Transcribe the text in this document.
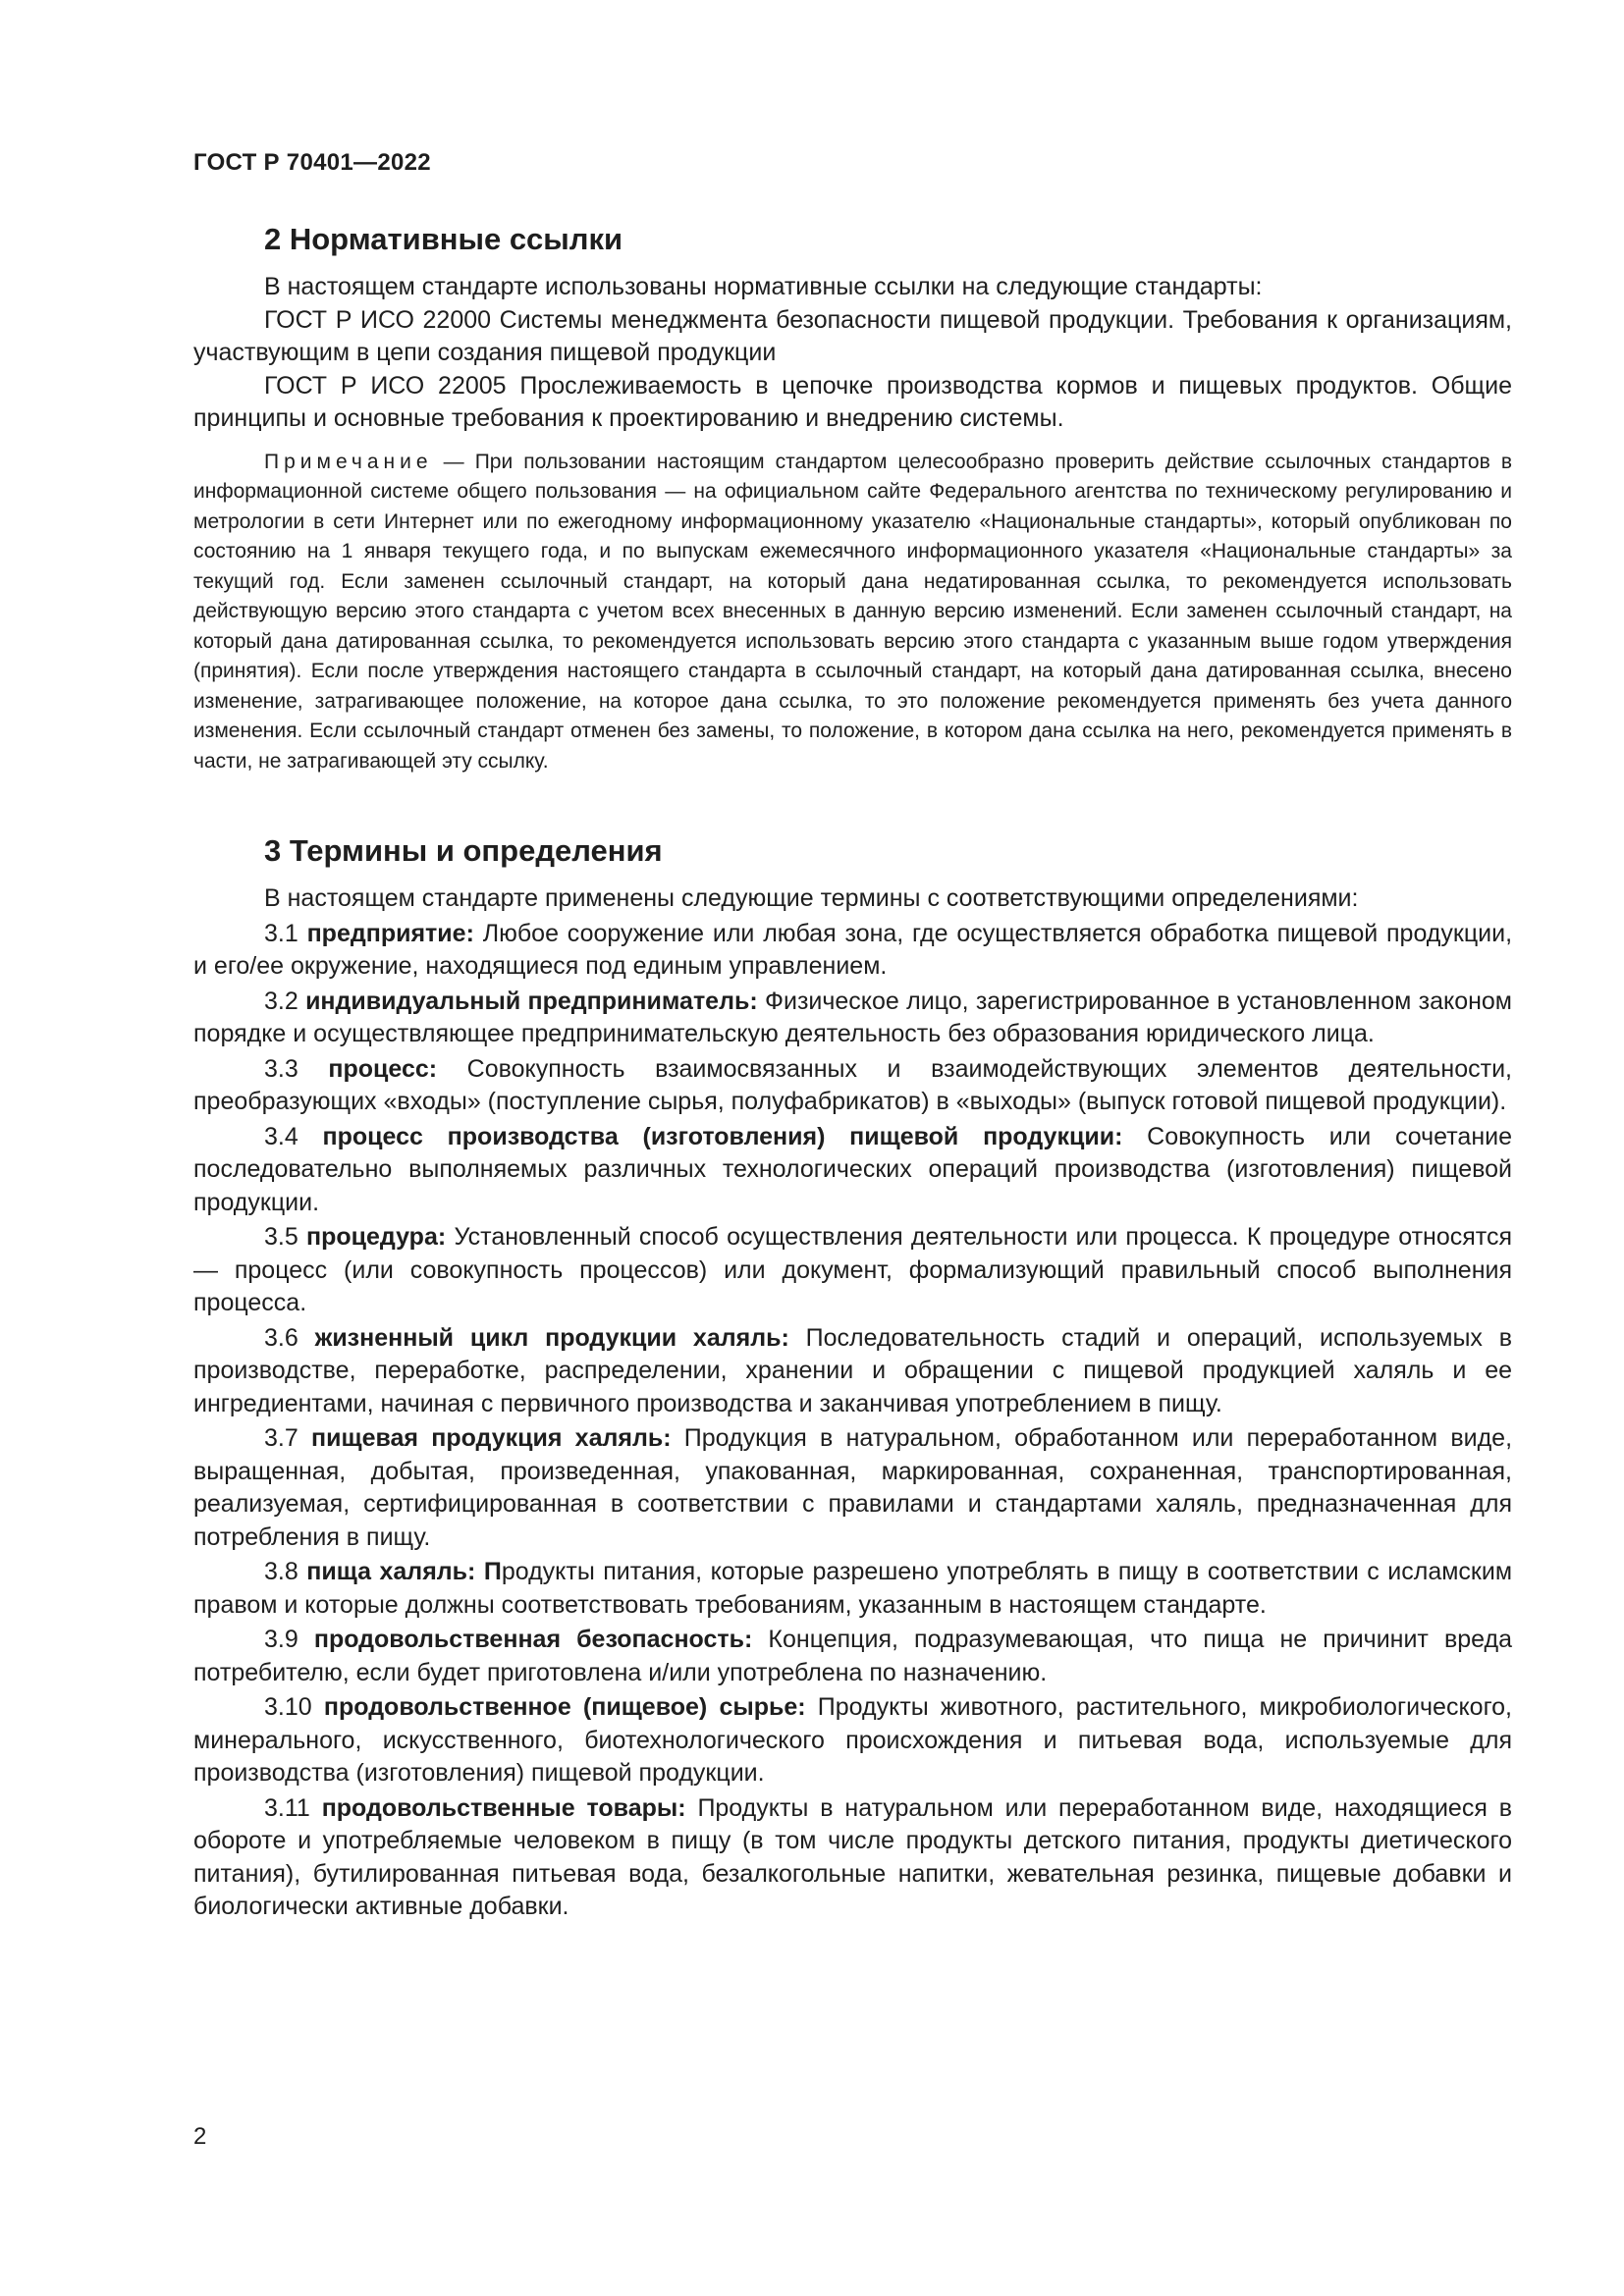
ГОСТ Р 70401—2022
2 Нормативные ссылки

В настоящем стандарте использованы нормативные ссылки на следующие стандарты:

ГОСТ Р ИСО 22000 Системы менеджмента безопасности пищевой продукции. Требования к организациям, участвующим в цепи создания пищевой продукции

ГОСТ Р ИСО 22005 Прослеживаемость в цепочке производства кормов и пищевых продуктов. Общие принципы и основные требования к проектированию и внедрению системы.

Примечание — При пользовании настоящим стандартом целесообразно проверить действие ссылочных стандартов в информационной системе общего пользования — на официальном сайте Федерального агентства по техническому регулированию и метрологии в сети Интернет или по ежегодному информационному указателю «Национальные стандарты», который опубликован по состоянию на 1 января текущего года, и по выпускам ежемесячного информационного указателя «Национальные стандарты» за текущий год. Если заменен ссылочный стандарт, на который дана недатированная ссылка, то рекомендуется использовать действующую версию этого стандарта с учетом всех внесенных в данную версию изменений. Если заменен ссылочный стандарт, на который дана датированная ссылка, то рекомендуется использовать версию этого стандарта с указанным выше годом утверждения (принятия). Если после утверждения настоящего стандарта в ссылочный стандарт, на который дана датированная ссылка, внесено изменение, затрагивающее положение, на которое дана ссылка, то это положение рекомендуется применять без учета данного изменения. Если ссылочный стандарт отменен без замены, то положение, в котором дана ссылка на него, рекомендуется применять в части, не затрагивающей эту ссылку.

3 Термины и определения

В настоящем стандарте применены следующие термины с соответствующими определениями:

3.1 предприятие: Любое сооружение или любая зона, где осуществляется обработка пищевой продукции, и его/ее окружение, находящиеся под единым управлением.

3.2 индивидуальный предприниматель: Физическое лицо, зарегистрированное в установленном законом порядке и осуществляющее предпринимательскую деятельность без образования юридического лица.

3.3 процесс: Совокупность взаимосвязанных и взаимодействующих элементов деятельности, преобразующих «входы» (поступление сырья, полуфабрикатов) в «выходы» (выпуск готовой пищевой продукции).

3.4 процесс производства (изготовления) пищевой продукции: Совокупность или сочетание последовательно выполняемых различных технологических операций производства (изготовления) пищевой продукции.

3.5 процедура: Установленный способ осуществления деятельности или процесса. К процедуре относятся — процесс (или совокупность процессов) или документ, формализующий правильный способ выполнения процесса.

3.6 жизненный цикл продукции халяль: Последовательность стадий и операций, используемых в производстве, переработке, распределении, хранении и обращении с пищевой продукцией халяль и ее ингредиентами, начиная с первичного производства и заканчивая употреблением в пищу.

3.7 пищевая продукция халяль: Продукция в натуральном, обработанном или переработанном виде, выращенная, добытая, произведенная, упакованная, маркированная, сохраненная, транспортированная, реализуемая, сертифицированная в соответствии с правилами и стандартами халяль, предназначенная для потребления в пищу.

3.8 пища халяль: Продукты питания, которые разрешено употреблять в пищу в соответствии с исламским правом и которые должны соответствовать требованиям, указанным в настоящем стандарте.

3.9 продовольственная безопасность: Концепция, подразумевающая, что пища не причинит вреда потребителю, если будет приготовлена и/или употреблена по назначению.

3.10 продовольственное (пищевое) сырье: Продукты животного, растительного, микробиологического, минерального, искусственного, биотехнологического происхождения и питьевая вода, используемые для производства (изготовления) пищевой продукции.

3.11 продовольственные товары: Продукты в натуральном или переработанном виде, находящиеся в обороте и употребляемые человеком в пищу (в том числе продукты детского питания, продукты диетического питания), бутилированная питьевая вода, безалкогольные напитки, жевательная резинка, пищевые добавки и биологически активные добавки.

2
